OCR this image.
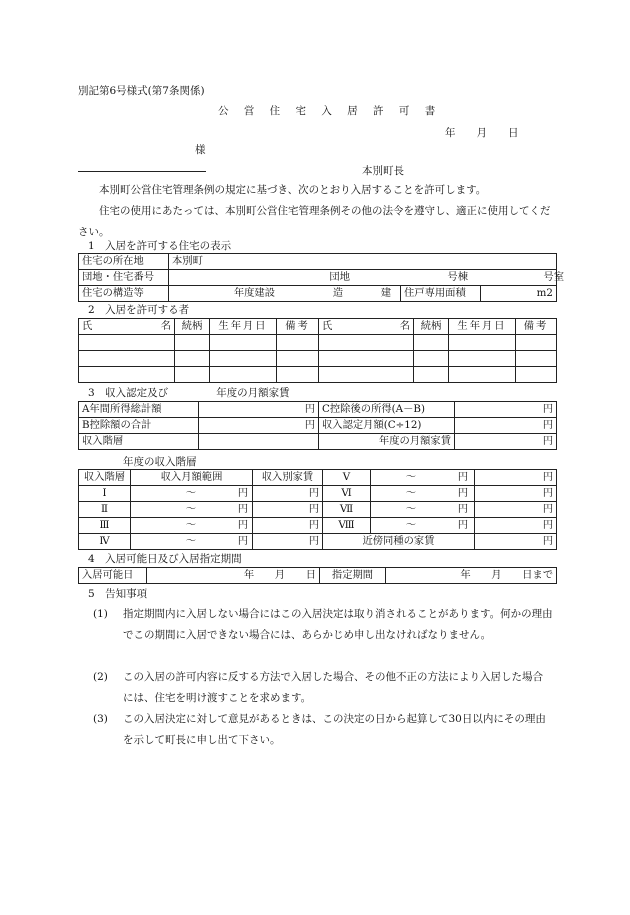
別記第6号様式(第7条関係)
公 営 住 宅 入 居 許 可 書
年　　月　　日
様
本別町長
本別町公営住宅管理条例の規定に基づき、次のとおり入居することを許可します。
住宅の使用にあたっては、本別町公営住宅管理条例その他の法令を遵守し、適正に使用してください。
1　入居を許可する住宅の表示
住宅の所在地	本別町		
団地・住宅番号	団地 号棟 号室		
住宅の構造等	年度建設 造 建	住戸専用面積	m2
2　入居を許可する者
氏 名	続柄	生年月日	備考	氏 名	続柄	生年月日	備考

3　収入認定及び	年度の月額家賃
A年間所得総計額	円	C控除後の所得(A－B)	円
B控除額の合計	円	収入認定月額(C÷12)	円

収入階層		年度の月額家賃	円
年度の収入階層
収入階層	収入月額範囲	収入別家賃	Ⅴ	～ 円	円
Ⅰ	～ 円	円	Ⅵ	～ 円	円
Ⅱ	～ 円	円	Ⅶ	～ 円	円
Ⅲ	～ 円	円	Ⅷ	～ 円	円
Ⅳ	～ 円	円	近傍同種の家賃		円
4　入居可能日及び入居指定期間
入居可能日	年　　月　　日	指定期間	年　　月　　日まで
5　告知事項
(1) 指定期間内に入居しない場合にはこの入居決定は取り消されることがあります。何かの理由でこの期間に入居できない場合には、あらかじめ申し出なければなりません。
(2) この入居の許可内容に反する方法で入居した場合、その他不正の方法により入居した場合には、住宅を明け渡すことを求めます。
(3) この入居決定に対して意見があるときは、この決定の日から起算して30日以内にその理由を示して町長に申し出て下さい。
